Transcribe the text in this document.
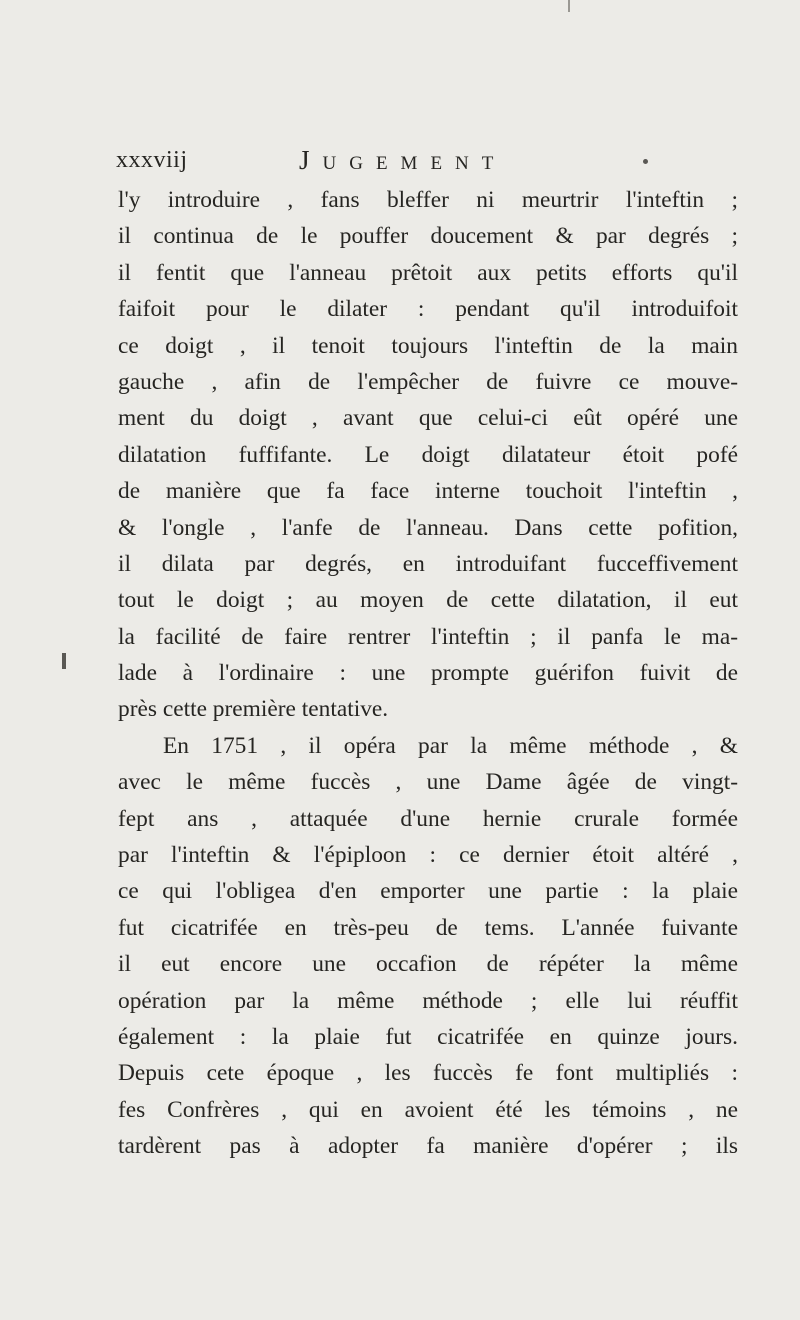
xxxviij	Jugement
l'y introduire , fans bleffer ni meurtrir l'inteftin ;
il continua de le pouffer doucement & par degrés ;
il fentit que l'anneau prêtoit aux petits efforts qu'il
faifoit pour le dilater : pendant qu'il introduifoit
ce doigt , il tenoit toujours l'inteftin de la main
gauche , afin de l'empêcher de fuivre ce mouve-
ment du doigt , avant que celui-ci eût opéré une
dilatation fuffifante. Le doigt dilatateur étoit pofé
de manière que fa face interne touchoit l'inteftin ,
& l'ongle , l'anfe de l'anneau. Dans cette pofition,
il dilata par degrés, en introduifant fucceffivement
tout le doigt ; au moyen de cette dilatation, il eut
la facilité de faire rentrer l'inteftin ; il panfa le ma-
lade à l'ordinaire : une prompte guérifon fuivit de
près cette première tentative.
En 1751 , il opéra par la même méthode , &
avec le même fuccès , une Dame âgée de vingt-
fept ans , attaquée d'une hernie crurale formée
par l'inteftin & l'épiploon : ce dernier étoit altéré ,
ce qui l'obligea d'en emporter une partie : la plaie
fut cicatrifée en très-peu de tems. L'année fuivante
il eut encore une occafion de répéter la même
opération par la même méthode ; elle lui réuffit
également : la plaie fut cicatrifée en quinze jours.
Depuis cete époque , les fuccès fe font multipliés :
fes Confrères , qui en avoient été les témoins , ne
tardèrent pas à adopter fa manière d'opérer ; ils
